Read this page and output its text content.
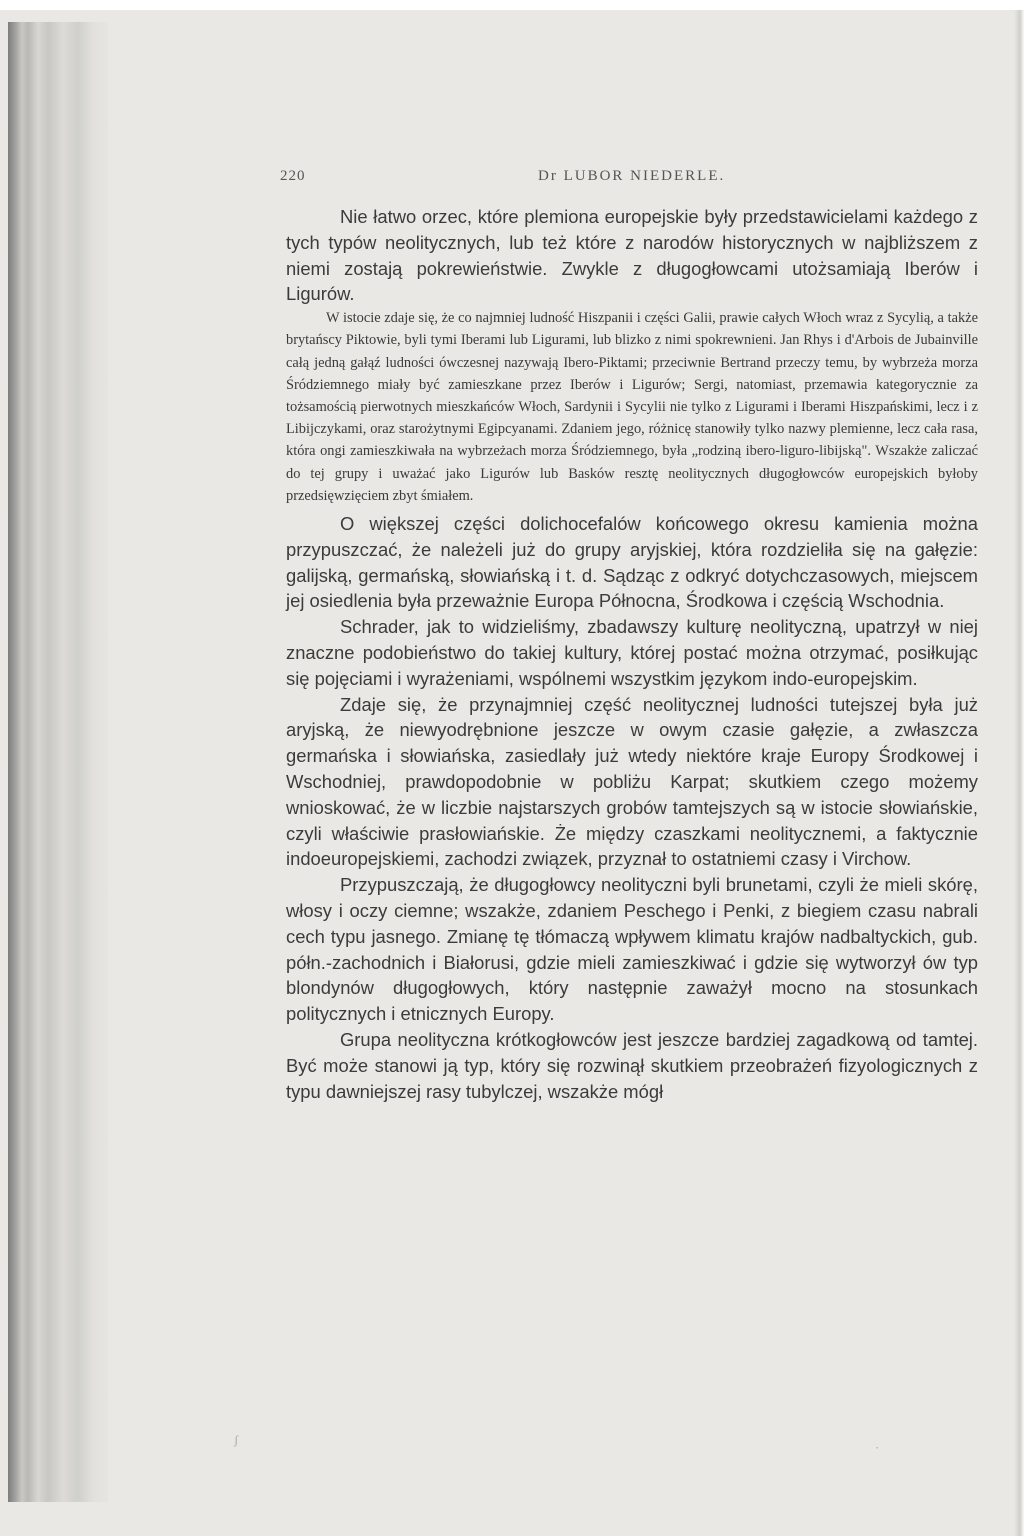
220	Dr LUBOR NIEDERLE.

Nie łatwo orzec, które plemiona europejskie były przedstawicielami każdego z tych typów neolitycznych, lub też które z narodów historycznych w najbliższem z niemi zostają pokrewieństwie. Zwykle z długogłowcami utożsamiają Iberów i Ligurów.

W istocie zdaje się, że co najmniej ludność Hiszpanii i części Galii, prawie całych Włoch wraz z Sycylią, a także brytańscy Piktowie, byli tymi Iberami lub Ligurami, lub blizko z nimi spokrewnieni. Jan Rhys i d'Arbois de Jubainville całą jedną gałąź ludności ówczesnej nazywają Ibero-Piktami; przeciwnie Bertrand przeczy temu, by wybrzeża morza Śródziemnego miały być zamieszkane przez Iberów i Ligurów; Sergi, natomiast, przemawia kategorycznie za tożsamością pierwotnych mieszkańców Włoch, Sardynii i Sycylii nie tylko z Ligurami i Iberami Hiszpańskimi, lecz i z Libijczykami, oraz starożytnymi Egipcyanami. Zdaniem jego, różnicę stanowiły tylko nazwy plemienne, lecz cała rasa, która ongi zamieszkiwała na wybrzeżach morza Śródziemnego, była „rodziną ibero-liguro-libijską". Wszakże zaliczać do tej grupy i uważać jako Ligurów lub Basków resztę neolitycznych długogłowców europejskich byłoby przedsięwzięciem zbyt śmiałem.

O większej części dolichocefalów końcowego okresu kamienia można przypuszczać, że należeli już do grupy aryjskiej, która rozdzieliła się na gałęzie: galijską, germańską, słowiańską i t. d. Sądząc z odkryć dotychczasowych, miejscem jej osiedlenia była przeważnie Europa Północna, Środkowa i częścią Wschodnia.

Schrader, jak to widzieliśmy, zbadawszy kulturę neolityczną, upatrzył w niej znaczne podobieństwo do takiej kultury, której postać można otrzymać, posiłkując się pojęciami i wyrażeniami, wspólnemi wszystkim językom indo-europejskim.

Zdaje się, że przynajmniej część neolitycznej ludności tutejszej była już aryjską, że niewyodrębnione jeszcze w owym czasie gałęzie, a zwłaszcza germańska i słowiańska, zasiedlały już wtedy niektóre kraje Europy Środkowej i Wschodniej, prawdopodobnie w pobliżu Karpat; skutkiem czego możemy wnioskować, że w liczbie najstarszych grobów tamtejszych są w istocie słowiańskie, czyli właściwie prasłowiańskie. Że między czaszkami neolitycznemi, a faktycznie indoeuropejskiemi, zachodzi związek, przyznał to ostatniemi czasy i Virchow.

Przypuszczają, że długogłowcy neolityczni byli brunetami, czyli że mieli skórę, włosy i oczy ciemne; wszakże, zdaniem Peschego i Penki, z biegiem czasu nabrali cech typu jasnego. Zmianę tę tłómaczą wpływem klimatu krajów nadbaltyckich, gub. półn.-zachodnich i Białorusi, gdzie mieli zamieszkiwać i gdzie się wytworzył ów typ blondynów długogłowych, który następnie zaważył mocno na stosunkach politycznych i etnicznych Europy.

Grupa neolityczna krótkogłowców jest jeszcze bardziej zagadkową od tamtej. Być może stanowi ją typ, który się rozwinął skutkiem przeobrażeń fizyologicznych z typu dawniejszej rasy tubylczej, wszakże mógł

ʃ
·
